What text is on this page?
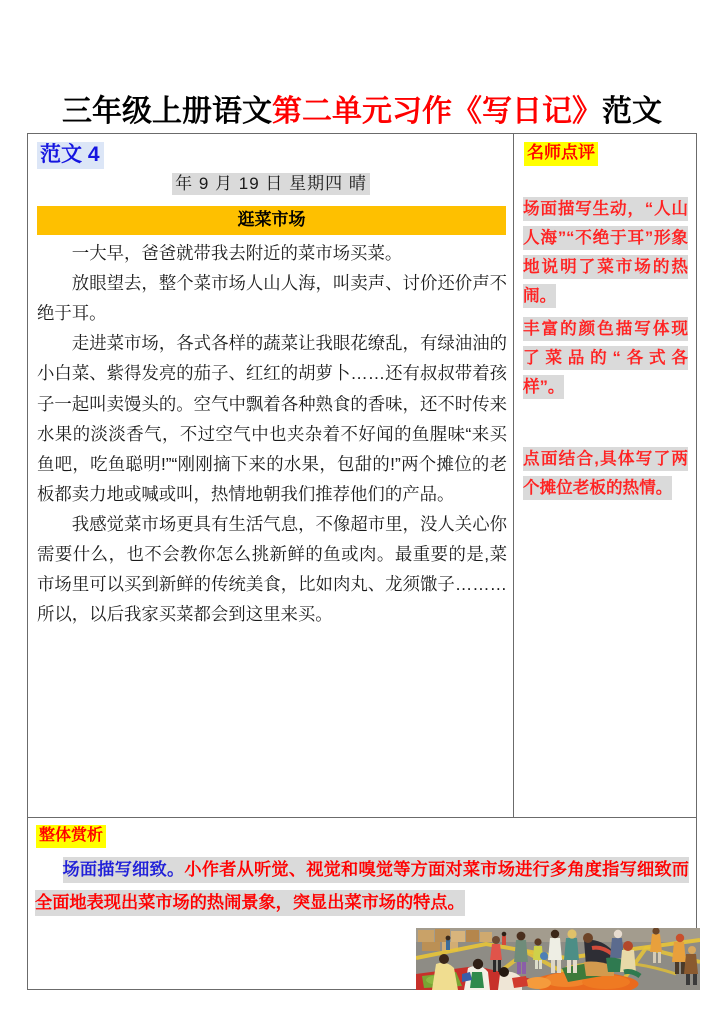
三年级上册语文第二单元习作《写日记》范文
范文 4
年 9 月 19 日 星期四 晴
逛菜市场

一大早，爸爸就带我去附近的菜市场买菜。

放眼望去，整个菜市场人山人海，叫卖声、讨价还价声不绝于耳。

走进菜市场，各式各样的蔬菜让我眼花缭乱，有绿油油的小白菜、紫得发亮的茄子、红红的胡萝卜……还有叔叔带着孩子一起叫卖馒头的。空气中飘着各种熟食的香味，还不时传来水果的淡淡香气，不过空气中也夹杂着不好闻的鱼腥味“来买鱼吧，吃鱼聪明!”“刚刚摘下来的水果，包甜的!”两个摊位的老板都卖力地或喊或叫，热情地朝我们推荐他们的产品。

我感觉菜市场更具有生活气息，不像超市里，没人关心你需要什么，也不会教你怎么挑新鲜的鱼或肉。最重要的是,菜市场里可以买到新鲜的传统美食，比如肉丸、龙须馓子………所以，以后我家买菜都会到这里来买。

名师点评
场面描写生动，“人山人海”“不绝于耳”形象地说明了菜市场的热闹。
丰富的颜色描写体现了菜品的“各式各样”。
点面结合,具体写了两个摊位老板的热情。
整体赏析
场面描写细致。小作者从听觉、视觉和嗅觉等方面对菜市场进行多角度指写细致而全面地表现出菜市场的热闹景象，突显出菜市场的特点。
